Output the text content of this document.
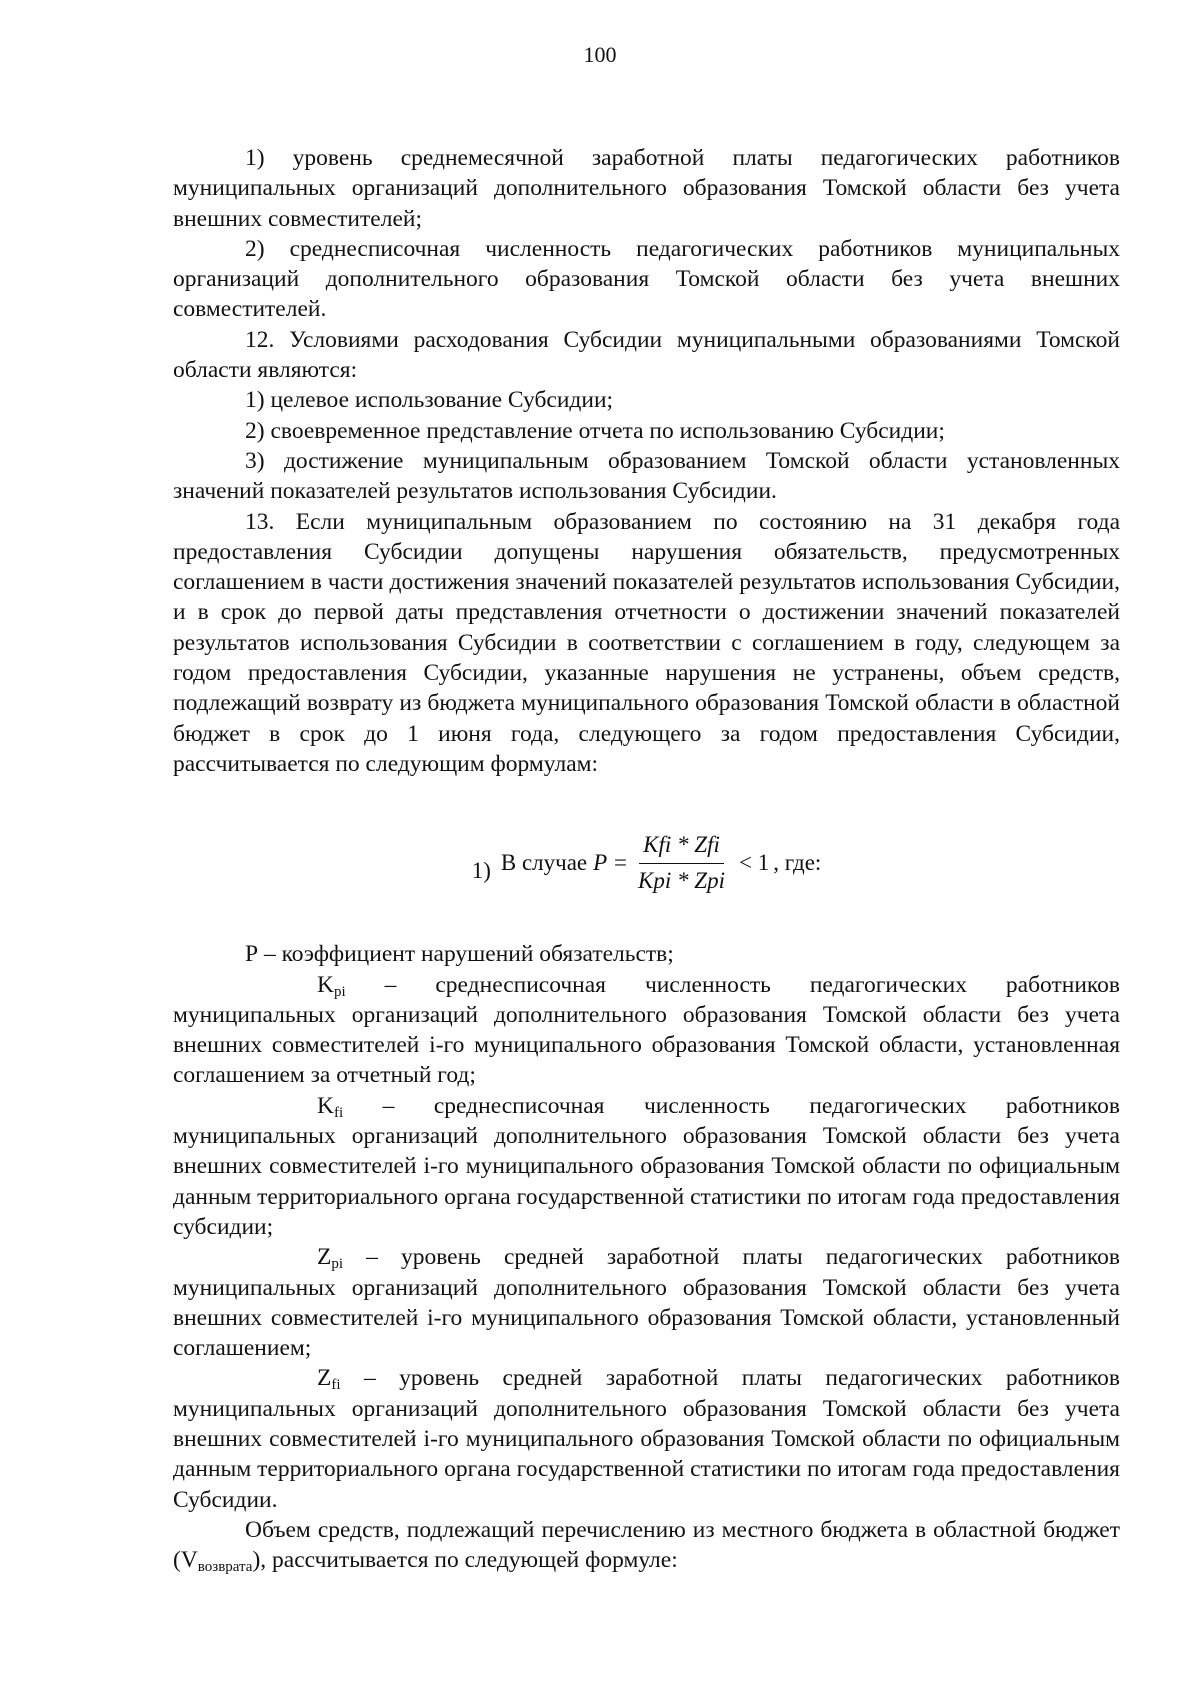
100

1) уровень среднемесячной заработной платы педагогических работников муниципальных организаций дополнительного образования Томской области без учета внешних совместителей;

2) среднесписочная численность педагогических работников муниципальных организаций дополнительного образования Томской области без учета внешних совместителей.

12. Условиями расходования Субсидии муниципальными образованиями Томской области являются:

1) целевое использование Субсидии;

2) своевременное представление отчета по использованию Субсидии;

3) достижение муниципальным образованием Томской области установленных значений показателей результатов использования Субсидии.

13. Если муниципальным образованием по состоянию на 31 декабря года предоставления Субсидии допущены нарушения обязательств, предусмотренных соглашением в части достижения значений показателей результатов использования Субсидии, и в срок до первой даты представления отчетности о достижении значений показателей результатов использования Субсидии в соответствии с соглашением в году, следующем за годом предоставления Субсидии, указанные нарушения не устранены, объем средств, подлежащий возврату из бюджета муниципального образования Томской области в областной бюджет в срок до 1 июня года, следующего за годом предоставления Субсидии, рассчитывается по следующим формулам:

1) В случае $P = \frac{\text{Kfi * Zfi}}{\text{Kpi * Zpi}} < 1$ , где:

Р – коэффициент нарушений обязательств;

$K_{pi}$ – среднесписочная численность педагогических работников муниципальных организаций дополнительного образования Томской области без учета внешних совместителей i-го муниципального образования Томской области, установленная соглашением за отчетный год;

$K_{fi}$ – среднесписочная численность педагогических работников муниципальных организаций дополнительного образования Томской области без учета внешних совместителей i-го муниципального образования Томской области по официальным данным территориального органа государственной статистики по итогам года предоставления субсидии;

$Z_{pi}$ – уровень средней заработной платы педагогических работников муниципальных организаций дополнительного образования Томской области без учета внешних совместителей i-го муниципального образования Томской области, установленный соглашением;

$Z_{fi}$ – уровень средней заработной платы педагогических работников муниципальных организаций дополнительного образования Томской области без учета внешних совместителей i-го муниципального образования Томской области по официальным данным территориального органа государственной статистики по итогам года предоставления Субсидии.

Объем средств, подлежащий перечислению из местного бюджета в областной бюджет $(V_{возврата})$, рассчитывается по следующей формуле:
